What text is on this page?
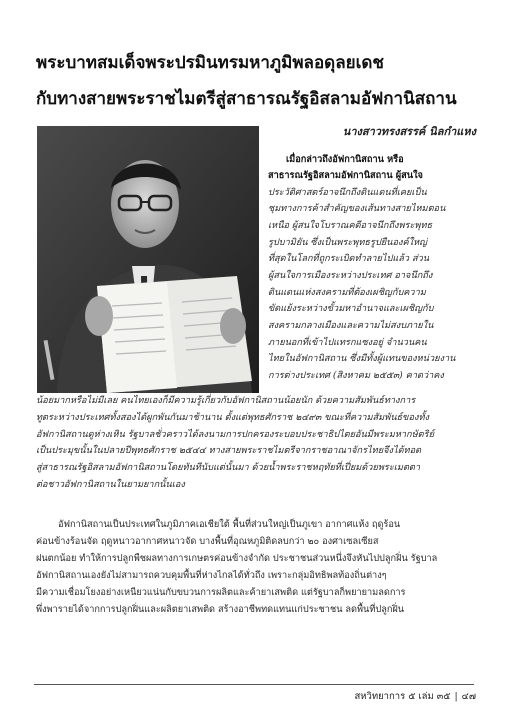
พระบาทสมเด็จพระปรมินทรมหาภูมิพลอดุลยเดช
กับทางสายพระราชไมตรีสู่สาธารณรัฐอิสลามอัฟกานิสถาน
นางสาวทรงสรรค์ นิลกำแหง
เมื่อกล่าวถึงอัฟกานิสถาน หรือ
สาธารณรัฐอิสลามอัฟกานิสถาน ผู้สนใจ
ประวัติศาสตร์อาจนึกถึงดินแดนที่เคยเป็น
ชุมทางการค้าสำคัญของเส้นทางสายไหมตอน
เหนือ ผู้สนใจโบราณคดีอาจนึกถึงพระพุทธ
รูปบามิยัน ซึ่งเป็นพระพุทธรูปยืนองค์ใหญ่
ที่สุดในโลกที่ถูกระเบิดทำลายไปแล้ว ส่วน
ผู้สนใจการเมืองระหว่างประเทศ อาจนึกถึง
ดินแดนแห่งสงครามที่ต้องเผชิญกับความ
ขัดแย้งระหว่างขั้วมหาอำนาจและเผชิญกับ
สงครามกลางเมืองและความไม่สงบภายใน
ภายนอกที่เข้าไปแทรกแซงอยู่ จำนวนคน
ไทยในอัฟกานิสถาน ซึ่งมีทั้งผู้แทนของหน่วยงาน
การต่างประเทศ (สิงหาคม ๒๕๕๓) คาดว่าคง
น้อยมากหรือไม่มีเลย คนไทยเองก็มีความรู้เกี่ยวกับอัฟกานิสถานน้อยนัก ด้วยความสัมพันธ์ทางการ
ทูตระหว่างประเทศทั้งสองได้ผูกพันกันมาช้านาน ตั้งแต่พุทธศักราช ๒๔๙๓ ขณะที่ความสัมพันธ์ของทั้ง
อัฟกานิสถานดูห่างเหิน รัฐบาลชั่วคราวได้ลงนามการปกครองระบอบประชาธิปไตยอันมีพระมหากษัตริย์
เป็นประมุขนั้นในปลายปีพุทธศักราช ๒๕๔๔ ทางสายพระราชไมตรีจากราชอาณาจักรไทยจึงได้ทอด
สู่สาธารณรัฐอิสลามอัฟกานิสถานโดยทันทีนับแต่นั้นมา ด้วยน้ำพระราชหฤทัยที่เปี่ยมด้วยพระเมตตา
ต่อชาวอัฟกานิสถานในยามยากนั้นเอง
อัฟกานิสถานเป็นประเทศในภูมิภาคเอเชียใต้ พื้นที่ส่วนใหญ่เป็นภูเขา อากาศแห้ง ฤดูร้อน
ค่อนข้างร้อนจัด ฤดูหนาวอากาศหนาวจัด บางพื้นที่อุณหภูมิติดลบกว่า ๒๐ องศาเซลเซียส
ฝนตกน้อย ทำให้การปลูกพืชผลทางการเกษตรค่อนข้างจำกัด ประชาชนส่วนหนึ่งจึงหันไปปลูกฝิ่น รัฐบาล
อัฟกานิสถานเองยังไม่สามารถควบคุมพื้นที่ห่างไกลได้ทั่วถึง เพราะกลุ่มอิทธิพลท้องถิ่นต่างๆ
มีความเชื่อมโยงอย่างเหนียวแน่นกับขบวนการผลิตและค้ายาเสพติด แต่รัฐบาลก็พยายามลดการ
พึ่งพารายได้จากการปลูกฝิ่นและผลิตยาเสพติด สร้างอาชีพทดแทนแก่ประชาชน ลดพื้นที่ปลูกฝิ่น
สหวิทยาการ ๕ เล่ม ๓๕ | ๔๗
